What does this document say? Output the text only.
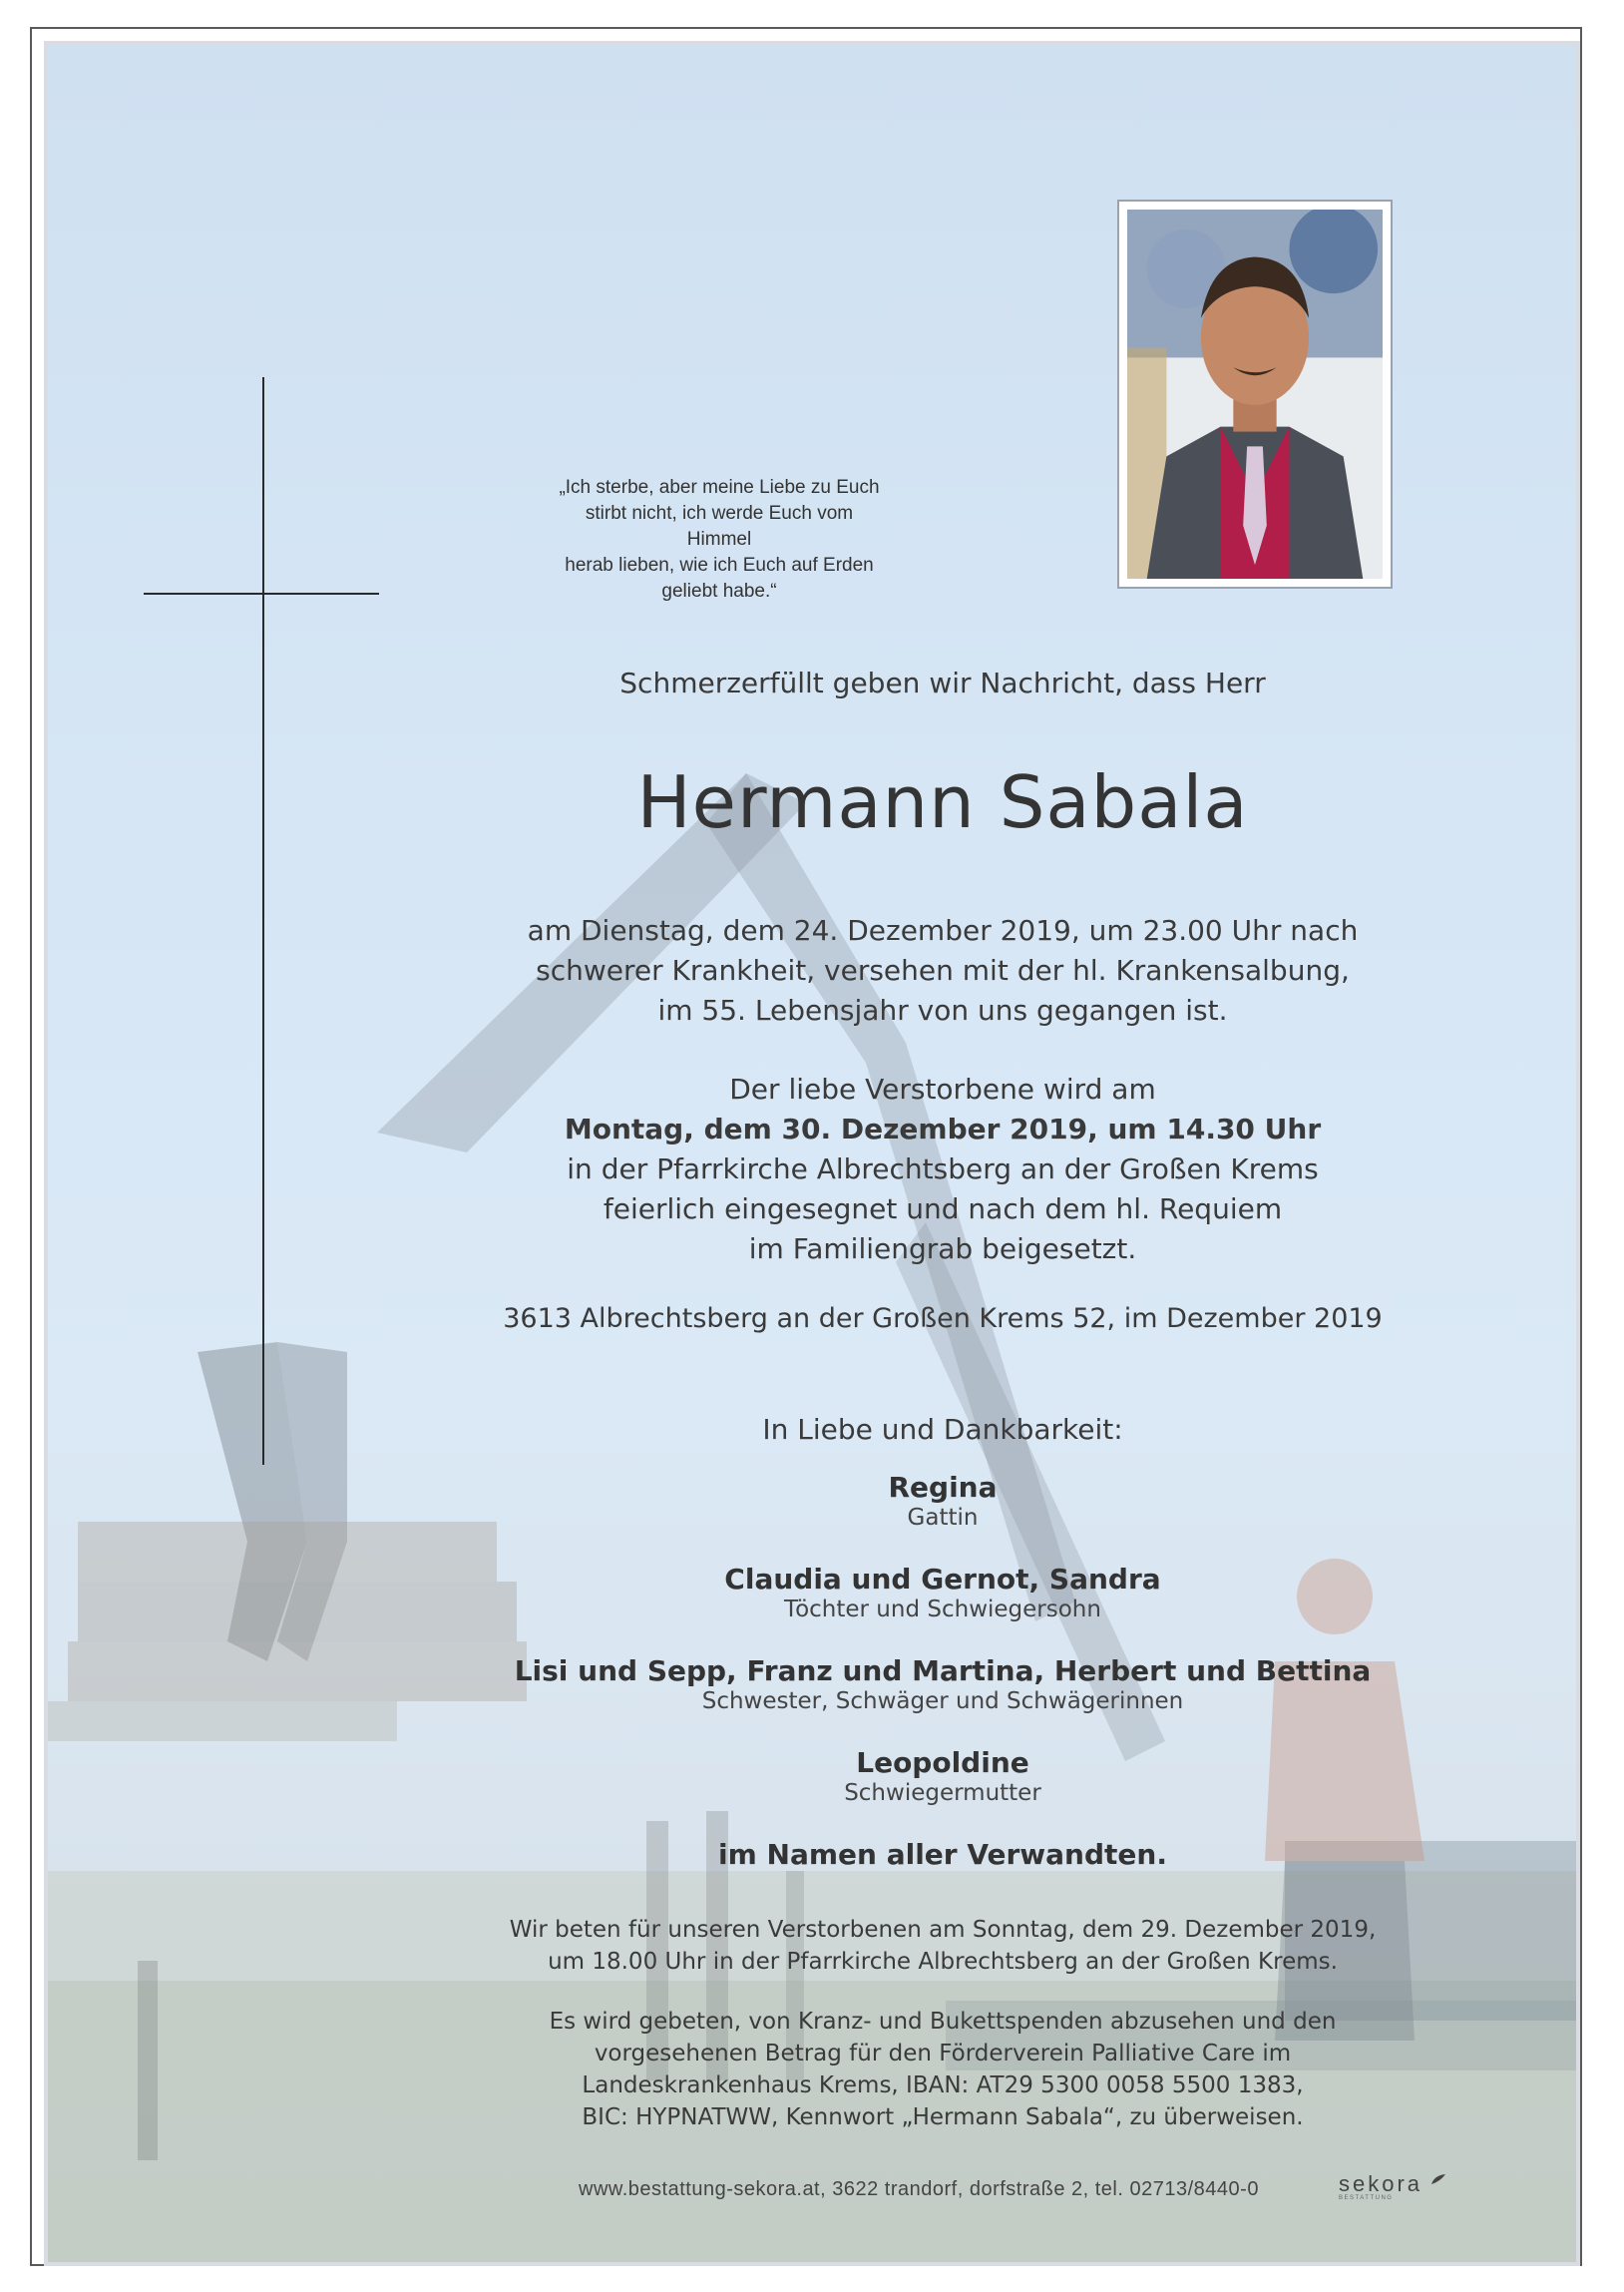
„Ich sterbe, aber meine Liebe zu Euch
stirbt nicht, ich werde Euch vom Himmel
herab lieben, wie ich Euch auf Erden
geliebt habe.“
Schmerzerfüllt geben wir Nachricht, dass Herr
Hermann Sabala
am Dienstag, dem 24. Dezember 2019, um 23.00 Uhr nach
schwerer Krankheit, versehen mit der hl. Krankensalbung,
im 55. Lebensjahr von uns gegangen ist.
Der liebe Verstorbene wird am
Montag, dem 30. Dezember 2019, um 14.30 Uhr
in der Pfarrkirche Albrechtsberg an der Großen Krems
feierlich eingesegnet und nach dem hl. Requiem
im Familiengrab beigesetzt.
3613 Albrechtsberg an der Großen Krems 52, im Dezember 2019
In Liebe und Dankbarkeit:
Regina
Gattin
Claudia und Gernot, Sandra
Töchter und Schwiegersohn
Lisi und Sepp, Franz und Martina, Herbert und Bettina
Schwester, Schwäger und Schwägerinnen
Leopoldine
Schwiegermutter
im Namen aller Verwandten.
Wir beten für unseren Verstorbenen am Sonntag, dem 29. Dezember 2019,
um 18.00 Uhr in der Pfarrkirche Albrechtsberg an der Großen Krems.
Es wird gebeten, von Kranz- und Bukettspenden abzusehen und den
vorgesehenen Betrag für den Förderverein Palliative Care im
Landeskrankenhaus Krems, IBAN: AT29 5300 0058 5500 1383,
BIC: HYPNATWW, Kennwort „Hermann Sabala“, zu überweisen.
www.bestattung-sekora.at, 3622 trandorf, dorfstraße 2, tel. 02713/8440-0	sekora
BESTATTUNG
